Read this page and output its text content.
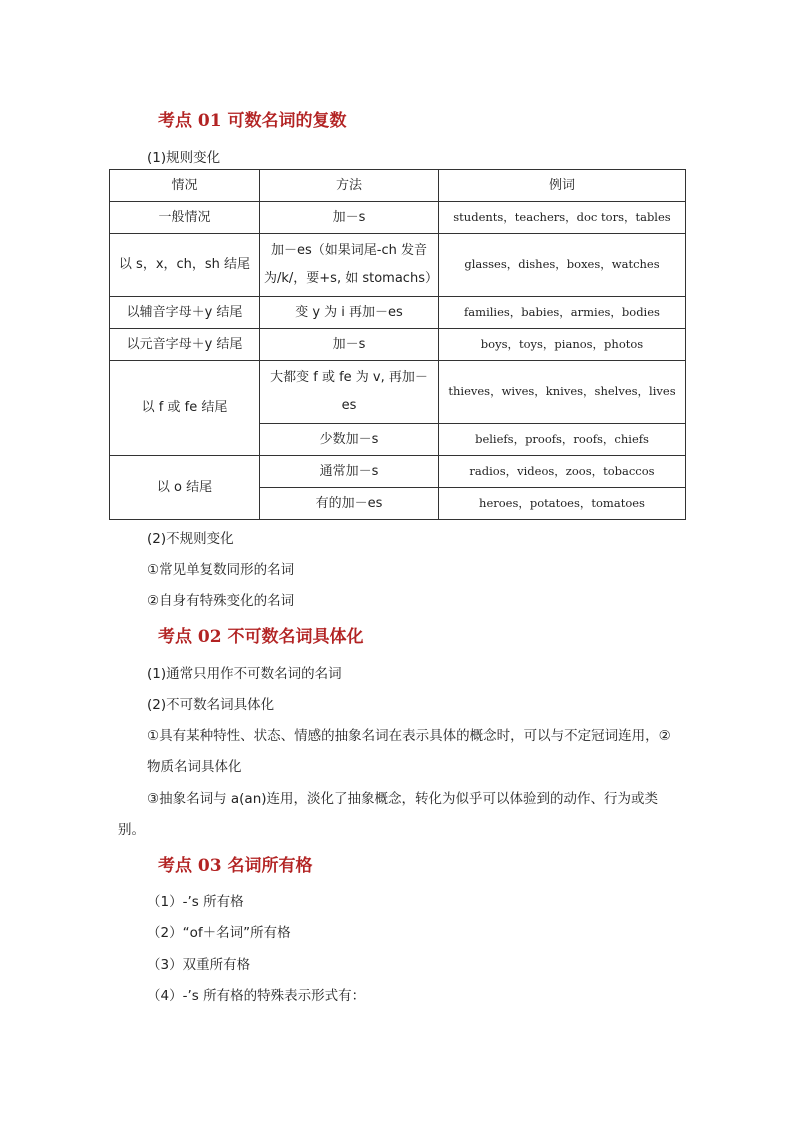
考点 01 可数名词的复数
(1)规则变化
情况	方法	例词
一般情况	加－s	students，teachers，doc tors，tables
以 s，x，ch，sh 结尾	加－es（如果词尾-ch 发音
为/k/，要+s, 如 stomachs）	glasses，dishes，boxes，watches
以辅音字母＋y 结尾	变 y 为 i 再加－es	families，babies，armies，bodies
以元音字母＋y 结尾	加－s	boys，toys，pianos，photos
以 f 或 fe 结尾	大都变 f 或 fe 为 v, 再加－
es	thieves，wives，knives，shelves，lives
	少数加－s	beliefs，proofs，roofs，chiefs
以 o 结尾	通常加－s	radios，videos，zoos，tobaccos
	有的加－es	heroes，potatoes，tomatoes
(2)不规则变化
①常见单复数同形的名词
②自身有特殊变化的名词
考点 02 不可数名词具体化
(1)通常只用作不可数名词的名词
(2)不可数名词具体化
①具有某种特性、状态、情感的抽象名词在表示具体的概念时，可以与不定冠词连用，②
物质名词具体化
③抽象名词与 a(an)连用，淡化了抽象概念，转化为似乎可以体验到的动作、行为或类
别。
考点 03 名词所有格
（1）-’s 所有格
（2）“of＋名词”所有格
（3）双重所有格
（4）-’s 所有格的特殊表示形式有：
